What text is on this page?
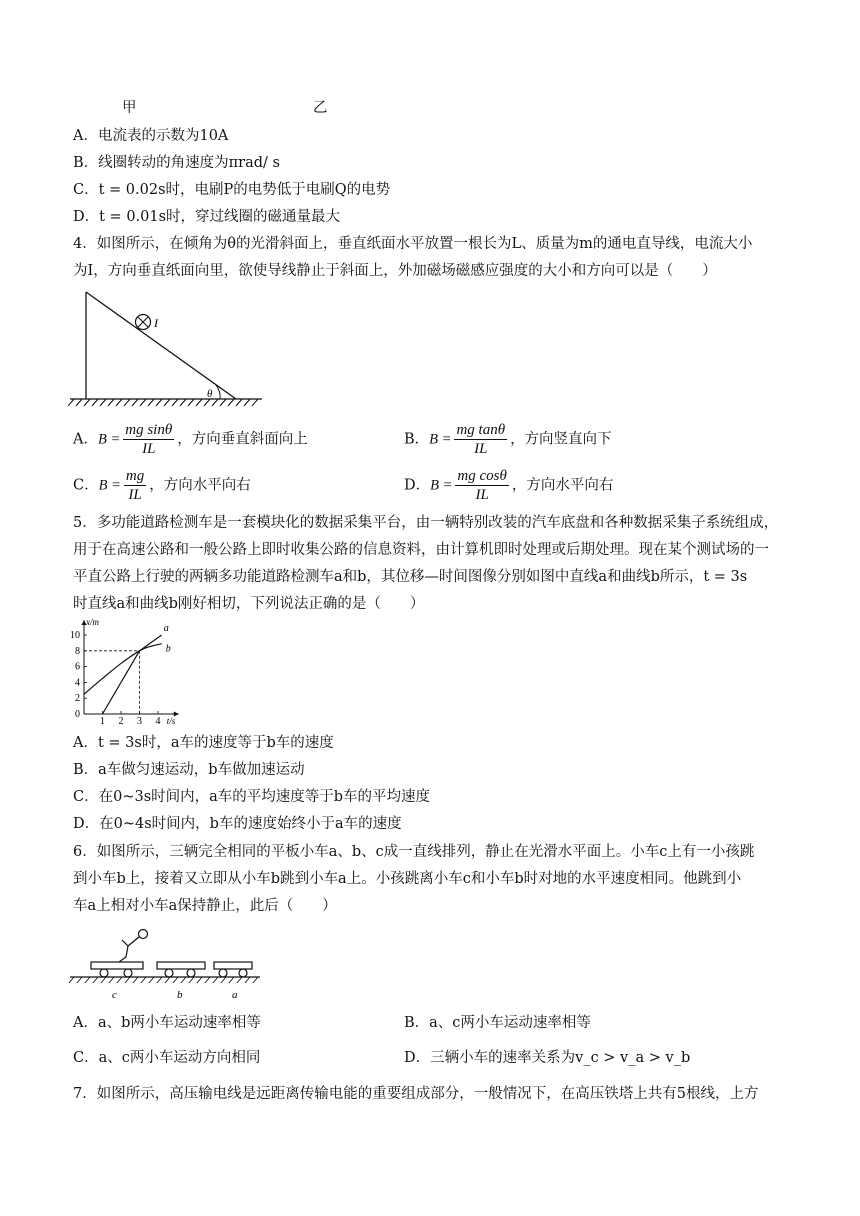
甲	乙
A．电流表的示数为10A
B．线圈转动的角速度为πrad/ s
C．t = 0.02s时，电刷P的电势低于电刷Q的电势
D．t = 0.01s时，穿过线圈的磁通量最大
4．如图所示，在倾角为θ的光滑斜面上，垂直纸面水平放置一根长为L、质量为m的通电直导线，电流大小
为I，方向垂直纸面向里，欲使导线静止于斜面上，外加磁场磁感应强度的大小和方向可以是（　　）
I
θ
A．$B = \frac{\text{mg sinθ}}{IL}$ ，方向垂直斜面向上	B．$B = \frac{\text{mg tanθ}}{IL}$ ，方向竖直向下
C．$B = \frac{mg}{IL}$ ，方向水平向右	D．$B = \frac{\text{mg cosθ}}{IL}$ ，方向水平向右
5．多功能道路检测车是一套模块化的数据采集平台，由一辆特别改装的汽车底盘和各种数据采集子系统组成，
用于在高速公路和一般公路上即时收集公路的信息资料，由计算机即时处理或后期处理。现在某个测试场的一
平直公路上行驶的两辆多功能道路检测车a和b，其位移—时间图像分别如图中直线a和曲线b所示，t = 3s
时直线a和曲线b刚好相切，下列说法正确的是（　　）
x/m
t/s
0
2
4
6
8
10
1 2 3 4
a
b
A．t = 3s时，a车的速度等于b车的速度
B．a车做匀速运动，b车做加速运动
C．在0~3s时间内，a车的平均速度等于b车的平均速度
D．在0~4s时间内，b车的速度始终小于a车的速度
6．如图所示，三辆完全相同的平板小车a、b、c成一直线排列，静止在光滑水平面上。小车c上有一小孩跳
到小车b上，接着又立即从小车b跳到小车a上。小孩跳离小车c和小车b时对地的水平速度相同。他跳到小
车a上相对小车a保持静止，此后（　　）
c	b	a
A．a、b两小车运动速率相等	B．a、c两小车运动速率相等
C．a、c两小车运动方向相同	D．三辆小车的速率关系为v_c > v_a > v_b
7．如图所示，高压输电线是远距离传输电能的重要组成部分，一般情况下，在高压铁塔上共有5根线，上方
